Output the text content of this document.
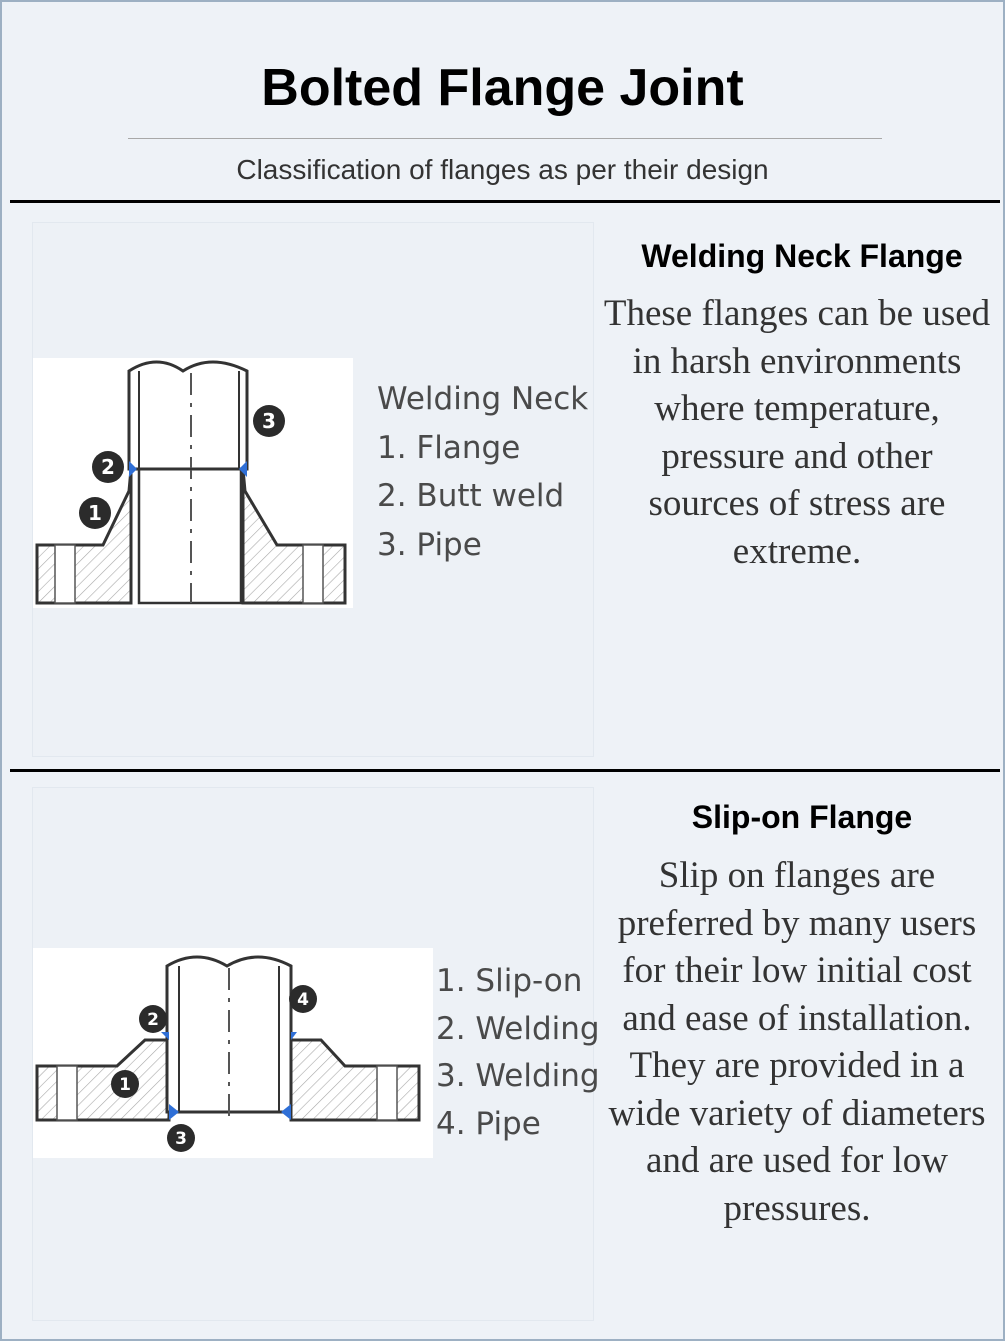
Bolted Flange Joint
Classification of flanges as per their design
1
2
3
Welding Neck
1. Flange
2. Butt weld
3. Pipe
Welding Neck Flange
These flanges can be used in harsh environments where temperature, pressure and other sources of stress are extreme.
1
2
3
4
1. Slip-on
2. Welding
3. Welding
4. Pipe
Slip-on Flange
Slip on flanges are preferred by many users for their low initial cost and ease of installation. They are provided in a wide variety of diameters and are used for low pressures.
